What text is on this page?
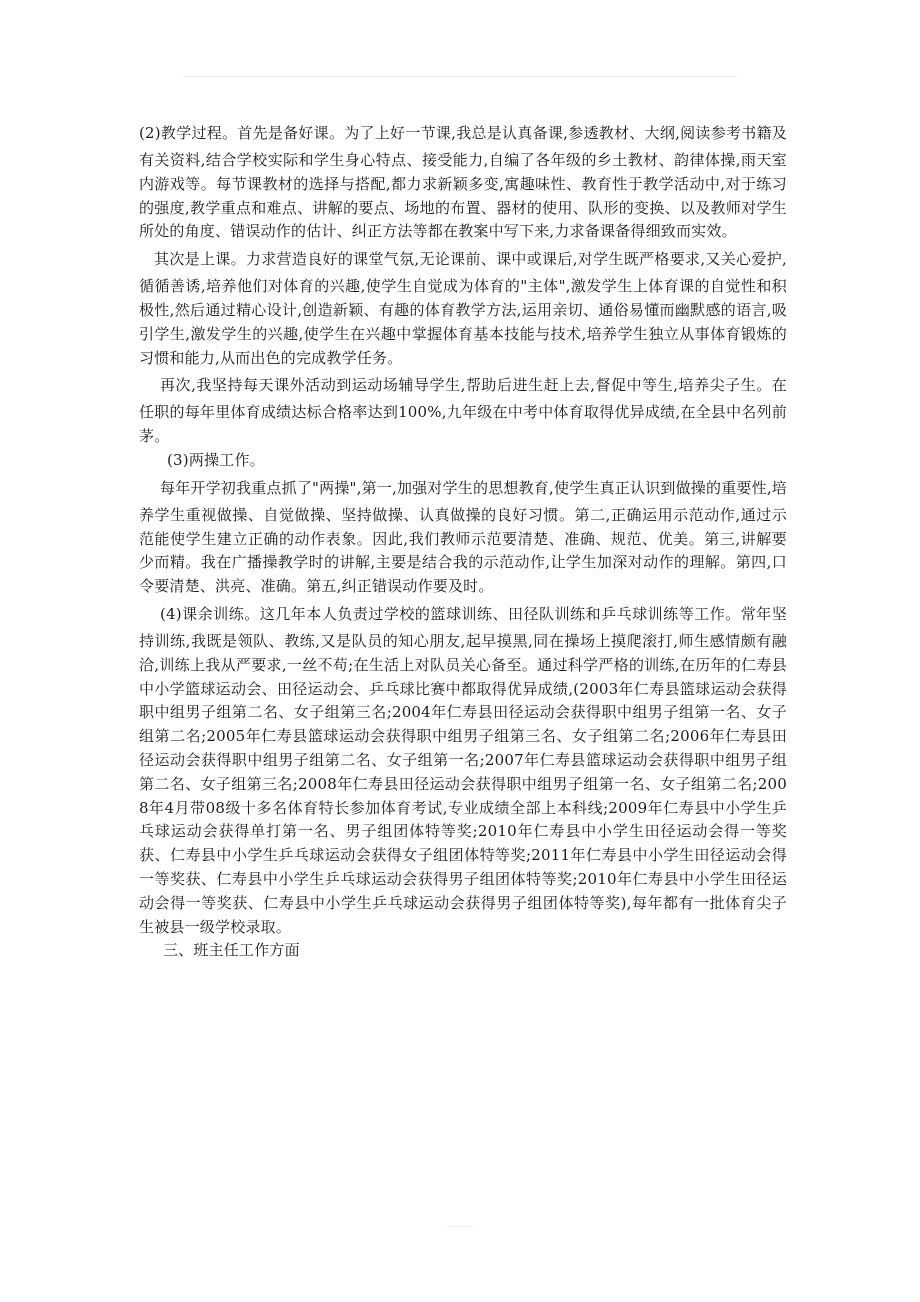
(2)教学过程。首先是备好课。为了上好一节课,我总是认真备课,参透教材、大纲,阅读参考书籍及有关资料,结合学校实际和学生身心特点、接受能力,自编了各年级的乡土教材、韵律体操,雨天室内游戏等。每节课教材的选择与搭配,都力求新颖多变,寓趣味性、教育性于教学活动中,对于练习的强度,教学重点和难点、讲解的要点、场地的布置、器材的使用、队形的变换、以及教师对学生所处的角度、错误动作的估计、纠正方法等都在教案中写下来,力求备课备得细致而实效。

其次是上课。力求营造良好的课堂气氛,无论课前、课中或课后,对学生既严格要求,又关心爱护,循循善诱,培养他们对体育的兴趣,使学生自觉成为体育的"主体",激发学生上体育课的自觉性和积极性,然后通过精心设计,创造新颖、有趣的体育教学方法,运用亲切、通俗易懂而幽默感的语言,吸引学生,激发学生的兴趣,使学生在兴趣中掌握体育基本技能与技术,培养学生独立从事体育锻炼的习惯和能力,从而出色的完成教学任务。

再次,我坚持每天课外活动到运动场辅导学生,帮助后进生赶上去,督促中等生,培养尖子生。在任职的每年里体育成绩达标合格率达到100%,九年级在中考中体育取得优异成绩,在全县中名列前茅。

(3)两操工作。

每年开学初我重点抓了"两操",第一,加强对学生的思想教育,使学生真正认识到做操的重要性,培养学生重视做操、自觉做操、坚持做操、认真做操的良好习惯。第二,正确运用示范动作,通过示范能使学生建立正确的动作表象。因此,我们教师示范要清楚、准确、规范、优美。第三,讲解要少而精。我在广播操教学时的讲解,主要是结合我的示范动作,让学生加深对动作的理解。第四,口令要清楚、洪亮、准确。第五,纠正错误动作要及时。

(4)课余训练。这几年本人负责过学校的篮球训练、田径队训练和乒乓球训练等工作。常年坚持训练,我既是领队、教练,又是队员的知心朋友,起早摸黑,同在操场上摸爬滚打,师生感情颇有融洽,训练上我从严要求,一丝不苟;在生活上对队员关心备至。通过科学严格的训练,在历年的仁寿县中小学篮球运动会、田径运动会、乒乓球比赛中都取得优异成绩,(2003年仁寿县篮球运动会获得职中组男子组第二名、女子组第三名;2004年仁寿县田径运动会获得职中组男子组第一名、女子组第二名;2005年仁寿县篮球运动会获得职中组男子组第三名、女子组第二名;2006年仁寿县田径运动会获得职中组男子组第二名、女子组第一名;2007年仁寿县篮球运动会获得职中组男子组第二名、女子组第三名;2008年仁寿县田径运动会获得职中组男子组第一名、女子组第二名;2008年4月带08级十多名体育特长参加体育考试,专业成绩全部上本科线;2009年仁寿县中小学生乒乓球运动会获得单打第一名、男子组团体特等奖;2010年仁寿县中小学生田径运动会得一等奖获、仁寿县中小学生乒乓球运动会获得女子组团体特等奖;2011年仁寿县中小学生田径运动会得一等奖获、仁寿县中小学生乒乓球运动会获得男子组团体特等奖;2010年仁寿县中小学生田径运动会得一等奖获、仁寿县中小学生乒乓球运动会获得男子组团体特等奖),每年都有一批体育尖子生被县一级学校录取。

三、班主任工作方面
